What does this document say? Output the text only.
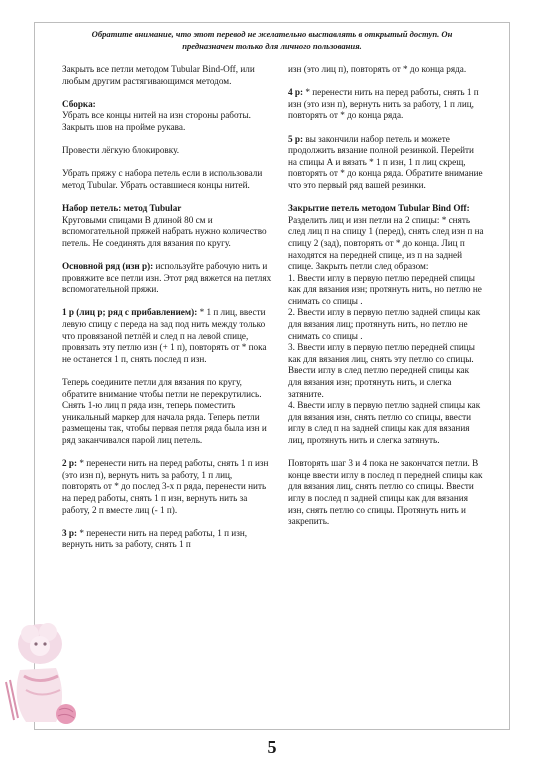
Обратите внимание, что этот перевод не желательно выставлять в открытый доступ. Он
предназначен только для личного пользования.

Закрыть все петли методом Tubular Bind-Off, или любым другим растягивающимся методом.

Сборка:
Убрать все концы нитей на изн стороны работы. Закрыть шов на пройме рукава.

Провести лёгкую блокировку.

Убрать пряжу с набора петель если в использовали метод Tubular. Убрать оставшиеся концы нитей.

Набор петель: метод Tubular
Круговыми спицами В длиной 80 см и вспомогательной пряжей набрать нужно количество петель. Не соединять для вязания по кругу.

Основной ряд (изн р): используйте рабочую нить и провяжите все петли изн. Этот ряд вяжется на петлях вспомогательной пряжи.

1 р (лиц р; ряд с прибавлением): * 1 п лиц, ввести левую спицу с переда на зад под нить между только что провязаной петлёй и след п на левой спице, провязать эту петлю изн (+ 1 п), повторять от * пока не останется 1 п, снять послед п изн.

Теперь соедините петли для вязания по кругу, обратите внимание чтобы петли не перекрутились. Снять 1-ю лиц п ряда изн, теперь поместить уникальный маркер для начала ряда. Теперь петли размещены так, чтобы первая петля ряда была изн и ряд заканчивался парой лиц петель.

2 р: * перенести нить на перед работы, снять 1 п изн (это изн п), вернуть нить за работу, 1 п лиц, повторять от * до послед 3-х п ряда, перенести нить на перед работы, снять 1 п изн, вернуть нить за работу, 2 п вместе лиц (- 1 п).

3 р: * перенести нить на перед работы, 1 п изн, вернуть нить за работу, снять 1 п

изн (это лиц п), повторять от * до конца ряда.

4 р: * перенести нить на перед работы, снять 1 п изн (это изн п), вернуть нить за работу, 1 п лиц, повторять от * до конца ряда.

5 р: вы закончили набор петель и можете продолжить вязание полной резинкой. Перейти на спицы А и вязать * 1 п изн, 1 п лиц скрещ, повторять от * до конца ряда. Обратите внимание что это первый ряд вашей резинки.

Закрытие петель методом Tubular Bind Off:
Разделить лиц и изн петли на 2 спицы: * снять след лиц п на спицу 1 (перед), снять след изн п на спицу 2 (зад), повторять от * до конца. Лиц п находятся на передней спице, из п на задней спице. Закрыть петли след образом:

1. Ввести иглу в первую петлю передней спицы как для вязания изн; протянуть нить, но петлю не снимать со спицы .

2. Ввести иглу в первую петлю задней спицы как для вязания лиц; протянуть нить, но петлю не снимать со спицы .

3. Ввести иглу в первую петлю передней спицы как для вязания лиц, снять эту петлю со спицы. Ввести иглу в след петлю передней спицы как для вязания изн; протянуть нить, и слегка затяните.

4. Ввести иглу в первую петлю задней спицы как для вязания изн, снять петлю со спицы, ввести иглу в след п на задней спицы как для вязания лиц, протянуть нить и слегка затянуть.

Повторять шаг 3 и 4 пока не закончатся петли. В конце ввести иглу в послед п передней спицы как для вязания лиц, снять петлю со спицы. Ввести иглу в послед п задней спицы как для вязания изн, снять петлю со спицы. Протянуть нить и закрепить.

5
